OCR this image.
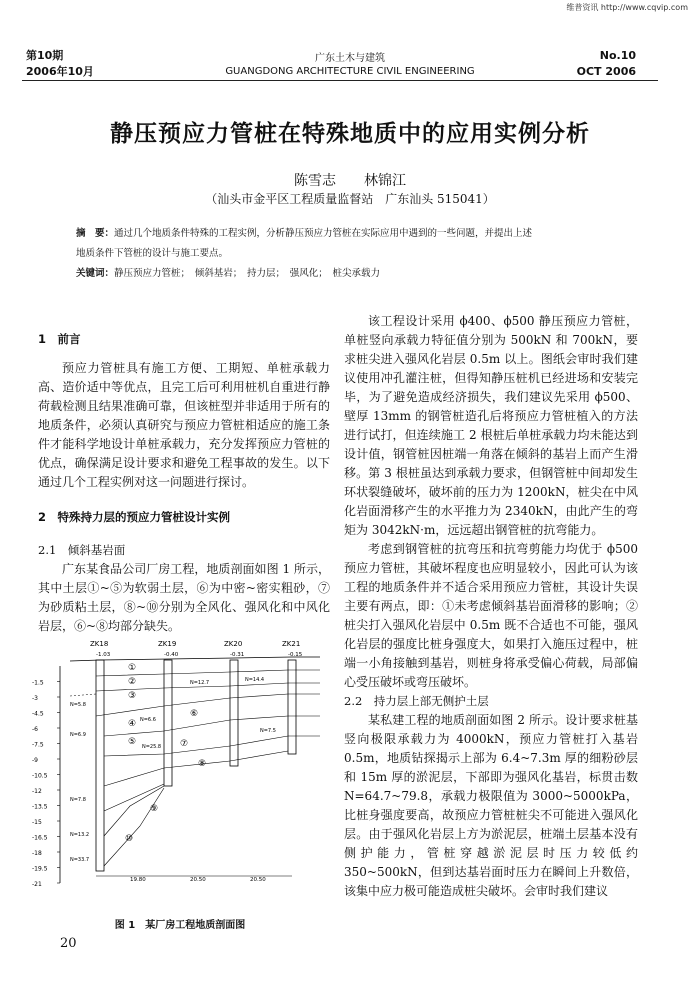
维普资讯 http://www.cqvip.com
第10期
2006年10月
广东土木与建筑
GUANGDONG ARCHITECTURE CIVIL ENGINEERING
No.10
OCT 2006
静压预应力管桩在特殊地质中的应用实例分析
陈雪志　　林锦江
（汕头市金平区工程质量监督站　广东汕头 515041）
摘　要：通过几个地质条件特殊的工程实例，分析静压预应力管桩在实际应用中遇到的一些问题，并提出上述
地质条件下管桩的设计与施工要点。
关键词：静压预应力管桩；　倾斜基岩；　持力层；　强风化；　桩尖承载力

1　前言

预应力管桩具有施工方便、工期短、单桩承载力高、造价适中等优点，且完工后可利用桩机自重进行静荷载检测且结果准确可靠，但该桩型并非适用于所有的地质条件，必须认真研究与预应力管桩相适应的施工条件才能科学地设计单桩承载力，充分发挥预应力管桩的优点，确保满足设计要求和避免工程事故的发生。以下通过几个工程实例对这一问题进行探讨。

2　特殊持力层的预应力管桩设计实例

2.1　倾斜基岩面

广东某食品公司厂房工程，地质剖面如图 1 所示，其中土层①~⑤为软弱土层，⑥为中密~密实粗砂，⑦为砂质粘土层，⑧~⑩分别为全风化、强风化和中风化岩层，⑥~⑧均部分缺失。

-1.5
-3
-4.5
-6
-7.5
-9
-10.5
-12
-13.5
-15
-16.5
-18
-19.5
-21
ZK18
-1.03
ZK19
-0.40
ZK20
-0.31
ZK21
-0.15
①
②
③
④
⑤
⑥
⑦
⑧
⑨
⑩
N=5.8
N=6.9
N=7.8
N=13.2
N=33.7
N=6.6
N=25.8
N=12.7	N=14.4
N=7.5
19.80	20.50	20.50
图 1　某厂房工程地质剖面图
20

该工程设计采用 ϕ400、ϕ500 静压预应力管桩，单桩竖向承载力特征值分别为 500kN 和 700kN，要求桩尖进入强风化岩层 0.5m 以上。图纸会审时我们建议使用冲孔灌注桩，但得知静压桩机已经进场和安装完毕，为了避免造成经济损失，我们建议先采用 ϕ500、壁厚 13mm 的钢管桩造孔后将预应力管桩植入的方法进行试打，但连续施工 2 根桩后单桩承载力均未能达到设计值，钢管桩因桩端一角落在倾斜的基岩上而产生滑移。第 3 根桩虽达到承载力要求，但钢管桩中间却发生环状裂缝破坏，破坏前的压力为 1200kN，桩尖在中风化岩面滑移产生的水平推力为 2340kN，由此产生的弯矩为 3042kN·m，远远超出钢管桩的抗弯能力。

考虑到钢管桩的抗弯压和抗弯剪能力均优于 ϕ500 预应力管桩，其破坏程度也应明显较小，因此可认为该工程的地质条件并不适合采用预应力管桩，其设计失误主要有两点，即：①未考虑倾斜基岩面滑移的影响；②桩尖打入强风化岩层中 0.5m 既不合适也不可能，强风化岩层的强度比桩身强度大，如果打入施压过程中，桩端一小角接触到基岩，则桩身将承受偏心荷载，局部偏心受压破坏或弯压破坏。

2.2　持力层上部无侧护土层

某私建工程的地质剖面如图 2 所示。设计要求桩基竖向极限承载力为 4000kN，预应力管桩打入基岩 0.5m，地质钻探揭示上部为 6.4~7.3m 厚的细粉砂层和 15m 厚的淤泥层，下部即为强风化基岩，标贯击数 N=64.7~79.8，承载力极限值为 3000~5000kPa，比桩身强度要高，故预应力管桩桩尖不可能进入强风化层。由于强风化岩层上方为淤泥层，桩端土层基本没有侧护能力，管桩穿越淤泥层时压力较低约 350~500kN，但到达基岩面时压力在瞬间上升数倍，该集中应力极可能造成桩尖破坏。会审时我们建议
